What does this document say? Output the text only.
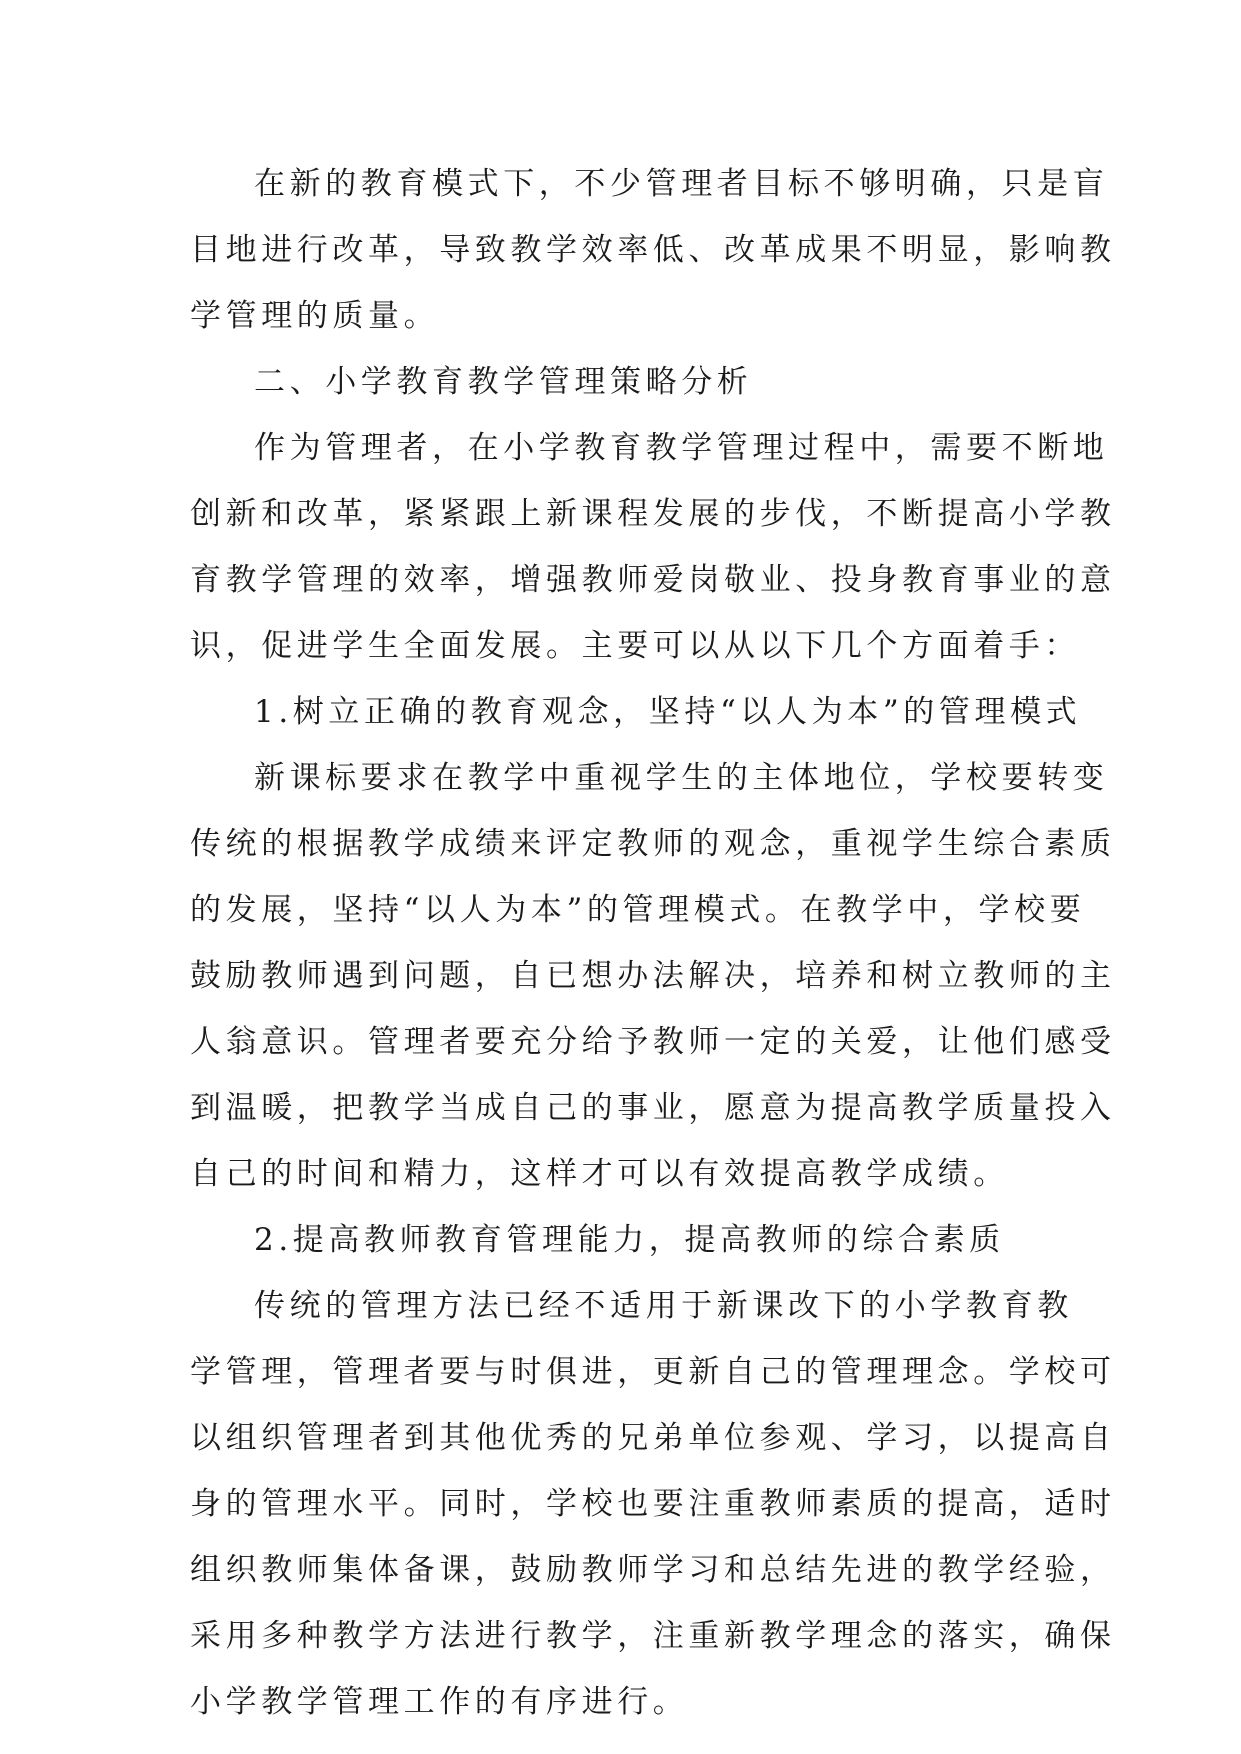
在新的教育模式下，不少管理者目标不够明确，只是盲
目地进行改革，导致教学效率低、改革成果不明显，影响教
学管理的质量。
二、小学教育教学管理策略分析
作为管理者，在小学教育教学管理过程中，需要不断地
创新和改革，紧紧跟上新课程发展的步伐，不断提高小学教
育教学管理的效率，增强教师爱岗敬业、投身教育事业的意
识，促进学生全面发展。主要可以从以下几个方面着手：
1.树立正确的教育观念，坚持“以人为本”的管理模式
新课标要求在教学中重视学生的主体地位，学校要转变
传统的根据教学成绩来评定教师的观念，重视学生综合素质
的发展，坚持“以人为本”的管理模式。在教学中，学校要
鼓励教师遇到问题，自已想办法解决，培养和树立教师的主
人翁意识。管理者要充分给予教师一定的关爱，让他们感受
到温暖，把教学当成自己的事业，愿意为提高教学质量投入
自己的时间和精力，这样才可以有效提高教学成绩。
2.提高教师教育管理能力，提高教师的综合素质
传统的管理方法已经不适用于新课改下的小学教育教
学管理，管理者要与时俱进，更新自己的管理理念。学校可
以组织管理者到其他优秀的兄弟单位参观、学习，以提高自
身的管理水平。同时，学校也要注重教师素质的提高，适时
组织教师集体备课，鼓励教师学习和总结先进的教学经验，
采用多种教学方法进行教学，注重新教学理念的落实，确保
小学教学管理工作的有序进行。
